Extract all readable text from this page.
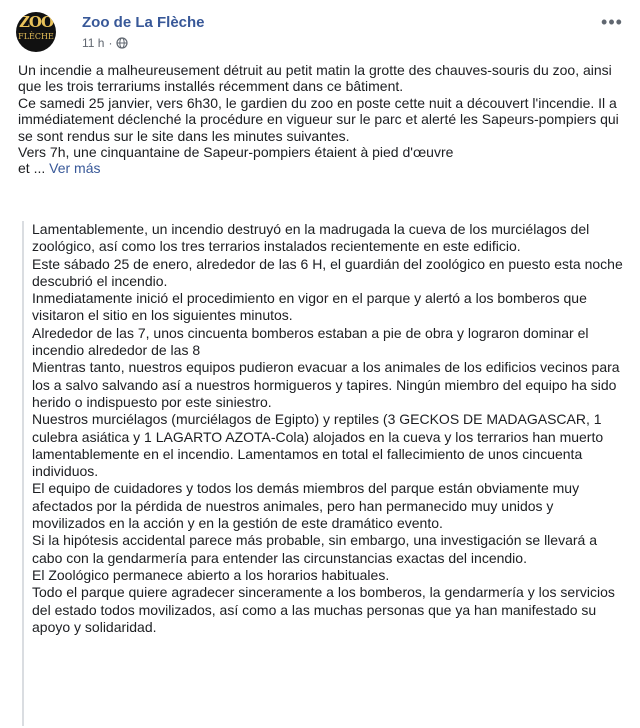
ZOO
FLÈCHE
Zoo de La Flèche
11 h ·
•••

Un incendie a malheureusement détruit au petit matin la grotte des chauves-souris du zoo, ainsi que les trois terrariums installés récemment dans ce bâtiment.

Ce samedi 25 janvier, vers 6h30, le gardien du zoo en poste cette nuit a découvert l'incendie. Il a immédiatement déclenché la procédure en vigueur sur le parc et alerté les Sapeurs-pompiers qui se sont rendus sur le site dans les minutes suivantes.

Vers 7h, une cinquantaine de Sapeur-pompiers étaient à pied d'œuvre

et ... Ver más

Lamentablemente, un incendio destruyó en la madrugada la cueva de los murciélagos del zoológico, así como los tres terrarios instalados recientemente en este edificio.

Este sábado 25 de enero, alrededor de las 6 H, el guardián del zoológico en puesto esta noche descubrió el incendio.

Inmediatamente inició el procedimiento en vigor en el parque y alertó a los bomberos que visitaron el sitio en los siguientes minutos.

Alrededor de las 7, unos cincuenta bomberos estaban a pie de obra y lograron dominar el incendio alrededor de las 8

Mientras tanto, nuestros equipos pudieron evacuar a los animales de los edificios vecinos para los a salvo salvando así a nuestros hormigueros y tapires. Ningún miembro del equipo ha sido herido o indispuesto por este siniestro.

Nuestros murciélagos (murciélagos de Egipto) y reptiles (3 GECKOS DE MADAGASCAR, 1 culebra asiática y 1 LAGARTO AZOTA-Cola) alojados en la cueva y los terrarios han muerto lamentablemente en el incendio. Lamentamos en total el fallecimiento de unos cincuenta individuos.

El equipo de cuidadores y todos los demás miembros del parque están obviamente muy afectados por la pérdida de nuestros animales, pero han permanecido muy unidos y movilizados en la acción y en la gestión de este dramático evento.

Si la hipótesis accidental parece más probable, sin embargo, una investigación se llevará a cabo con la gendarmería para entender las circunstancias exactas del incendio.

El Zoológico permanece abierto a los horarios habituales.

Todo el parque quiere agradecer sinceramente a los bomberos, la gendarmería y los servicios del estado todos movilizados, así como a las muchas personas que ya han manifestado su apoyo y solidaridad.
